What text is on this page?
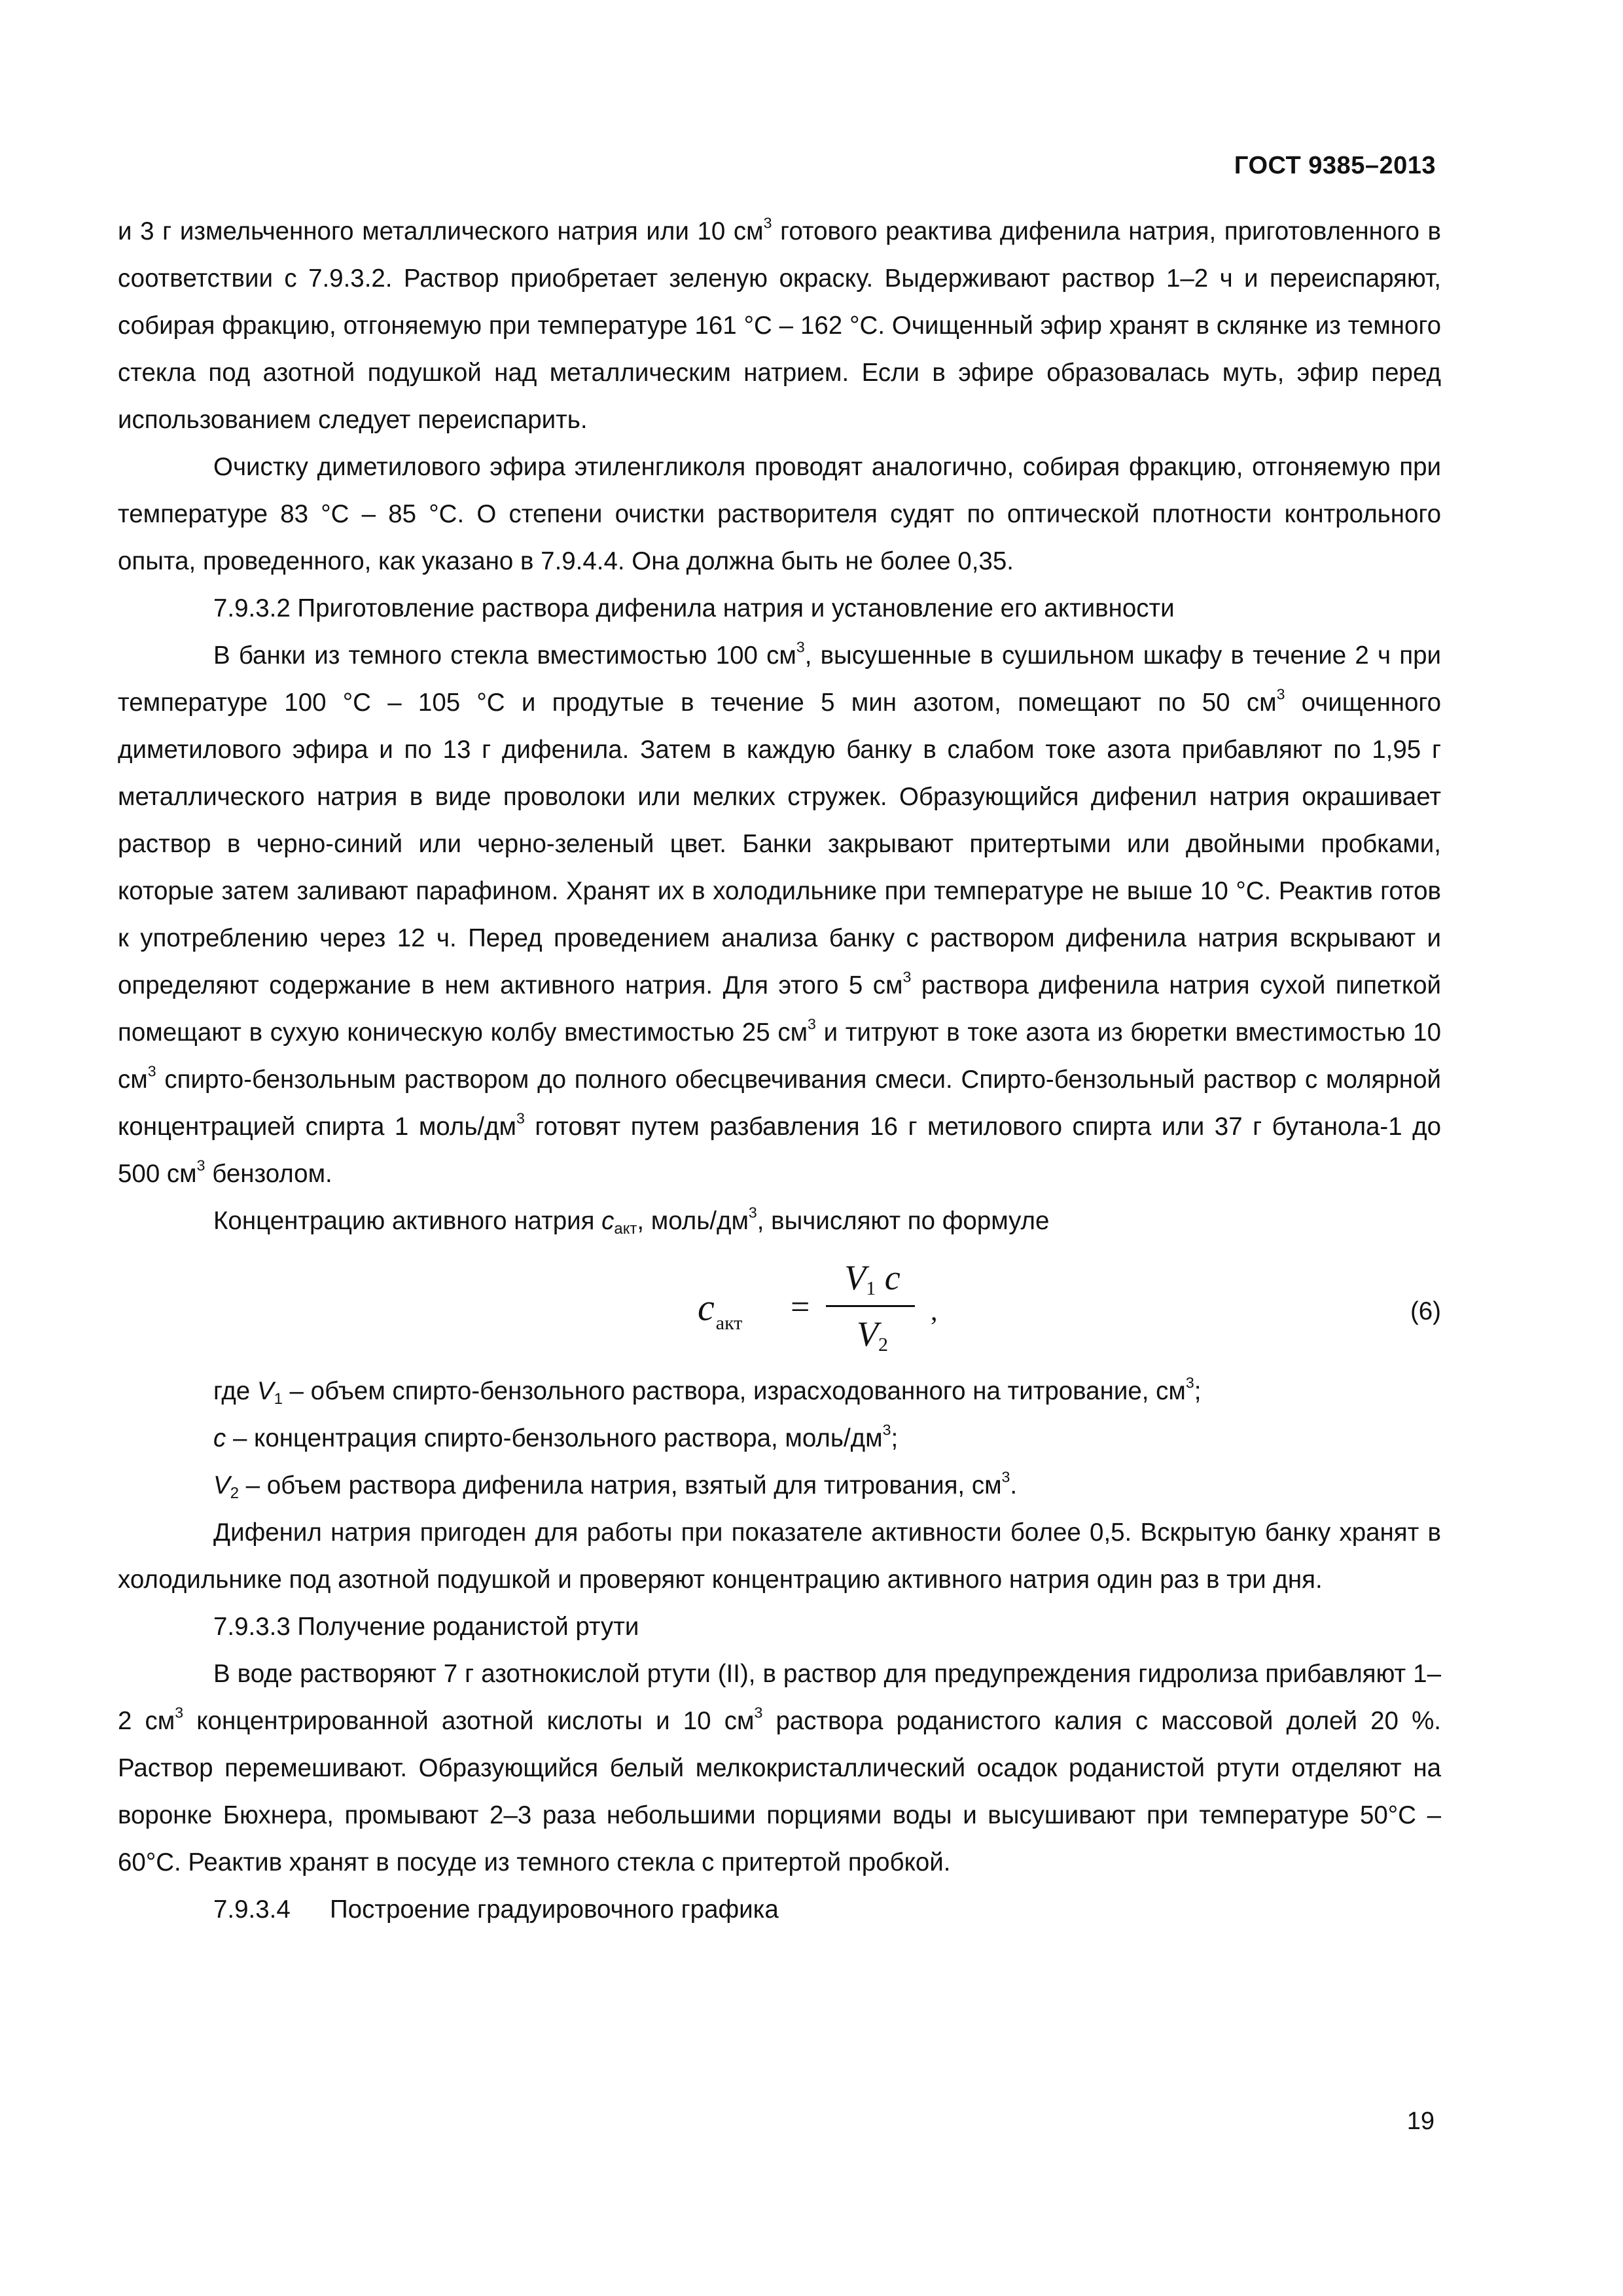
ГОСТ 9385–2013
и 3 г измельченного металлического натрия или 10 $см^3$ готового реактива дифенила натрия, приготовленного в соответствии с 7.9.3.2. Раствор приобретает зеленую окраску. Выдерживают раствор 1–2 ч и переиспаряют, собирая фракцию, отгоняемую при температуре 161 °С – 162 °С. Очищенный эфир хранят в склянке из темного стекла под азотной подушкой над металлическим натрием. Если в эфире образовалась муть, эфир перед использованием следует переиспарить.
Очистку диметилового эфира этиленгликоля проводят аналогично, собирая фракцию, отгоняемую при температуре 83 °С – 85 °С. О степени очистки растворителя судят по оптической плотности контрольного опыта, проведенного, как указано в 7.9.4.4. Она должна быть не более 0,35.
7.9.3.2 Приготовление раствора дифенила натрия и установление его активности
В банки из темного стекла вместимостью 100 $см^3$, высушенные в сушильном шкафу в течение 2 ч при температуре 100 °С – 105 °С и продутые в течение 5 мин азотом, помещают по 50 $см^3$ очищенного диметилового эфира и по 13 г дифенила. Затем в каждую банку в слабом токе азота прибавляют по 1,95 г металлического натрия в виде проволоки или мелких стружек. Образующийся дифенил натрия окрашивает раствор в черно-синий или черно-зеленый цвет. Банки закрывают притертыми или двойными пробками, которые затем заливают парафином. Хранят их в холодильнике при температуре не выше 10 °С. Реактив готов к употреблению через 12 ч. Перед проведением анализа банку с раствором дифенила натрия вскрывают и определяют содержание в нем активного натрия. Для этого 5 $см^3$ раствора дифенила натрия сухой пипеткой помещают в сухую коническую колбу вместимостью 25 $см^3$ и титруют в токе азота из бюретки вместимостью 10 $см^3$ спирто-бензольным раствором до полного обесцвечивания смеси. Спирто-бензольный раствор с молярной концентрацией спирта 1 моль/$дм^3$ готовят путем разбавления 16 г метилового спирта или 37 г бутанола-1 до 500 $см^3$ бензолом.
Концентрацию активного натрия $с_{акт}$, моль/$дм^3$, вычисляют по формуле
$с_{акт}$ =
V1 c
V2
,	(6)
где $V_1$ – объем спирто-бензольного раствора, израсходованного на титрование, $см^3$;
с – концентрация спирто-бензольного раствора, моль/$дм^3$;
$V_2$ – объем раствора дифенила натрия, взятый для титрования, $см^3$.
Дифенил натрия пригоден для работы при показателе активности более 0,5. Вскрытую банку хранят в холодильнике под азотной подушкой и проверяют концентрацию активного натрия один раз в три дня.
7.9.3.3 Получение роданистой ртути
В воде растворяют 7 г азотнокислой ртути (II), в раствор для предупреждения гидролиза прибавляют 1–2 $см^3$ концентрированной азотной кислоты и 10 $см^3$ раствора роданистого калия с массовой долей 20 %. Раствор перемешивают. Образующийся белый мелкокристаллический осадок роданистой ртути отделяют на воронке Бюхнера, промывают 2–3 раза небольшими порциями воды и высушивают при температуре 50°С – 60°С. Реактив хранят в посуде из темного стекла с притертой пробкой.
7.9.3.4 Построение градуировочного графика
19
